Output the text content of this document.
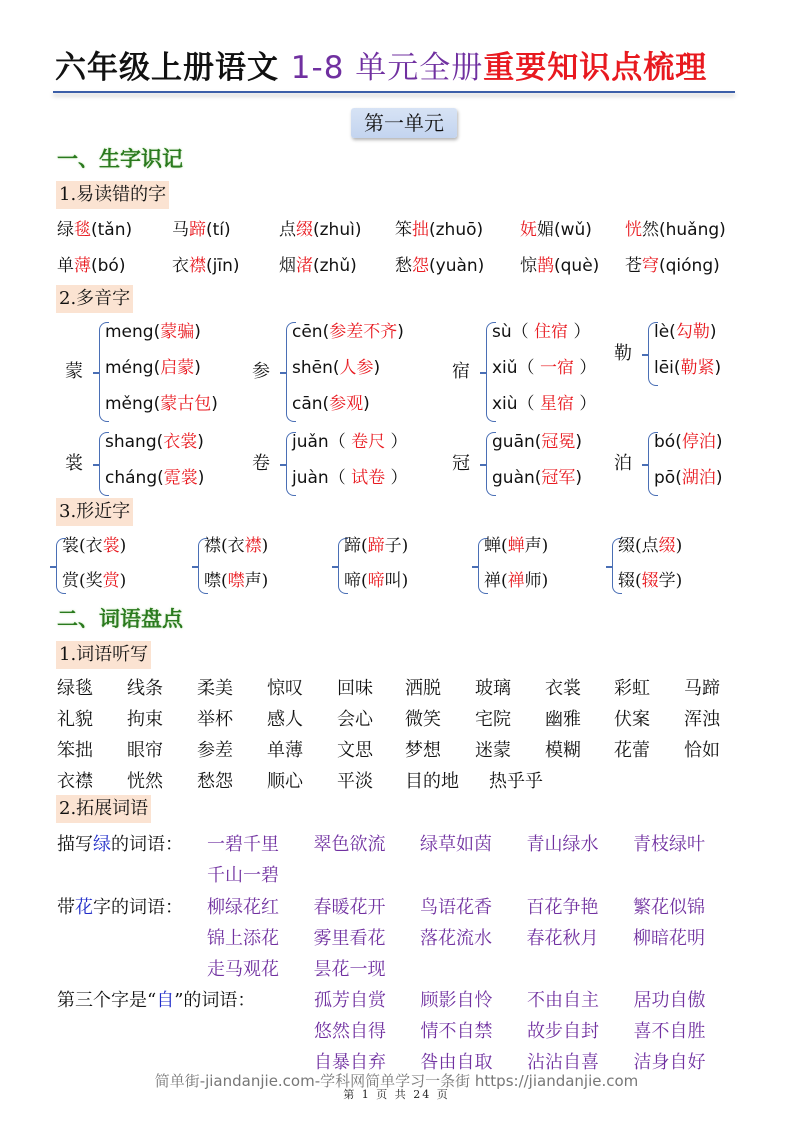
六年级上册语文 1-8 单元全册重要知识点梳理
第一单元
一、生字识记
1.易读错的字
绿毯(tǎn) 马蹄(tí)	点缀(zhuì) 笨拙(zhuō) 妩媚(wǔ) 恍然(huǎng)
单薄(bó)	衣襟(jīn) 烟渚(zhǔ) 愁怨(yuàn) 惊鹊(què) 苍穹(qióng)
2.多音字
蒙
meng(蒙骗)
méng(启蒙)
měng(蒙古包)
参
cēn(参差不齐)
shēn(人参)
cān(参观)
宿
sù（ 住宿 ）
xiǔ（ 一宿 ）
xiù（ 星宿 ）
勒
lè(勾勒)
lēi(勒紧)
裳
shang(衣裳)
cháng(霓裳)
卷
juǎn（ 卷尺 ）
juàn（ 试卷 ）
冠
guān(冠冕)
guàn(冠军)
泊
bó(停泊)
pō(湖泊)
3.形近字
裳(衣裳)
赏(奖赏)
襟(衣襟)
噤(噤声)
蹄(蹄子)
啼(啼叫)
蝉(蝉声)
禅(禅师)
缀(点缀)
辍(辍学)
二、词语盘点
1.词语听写
绿毯 线条 柔美 惊叹 回味 洒脱 玻璃 衣裳 彩虹 马蹄
礼貌 拘束 举杯 感人 会心 微笑 宅院 幽雅 伏案 浑浊
笨拙 眼帘 参差 单薄 文思 梦想 迷蒙 模糊 花蕾 恰如
衣襟 恍然 愁怨 顺心 平淡 目的地 热乎乎
2.拓展词语
描写绿的词语： 一碧千里 翠色欲流 绿草如茵 青山绿水 青枝绿叶
千山一碧
带花字的词语： 柳绿花红 春暖花开 鸟语花香 百花争艳 繁花似锦
锦上添花 雾里看花 落花流水 春花秋月 柳暗花明
走马观花 昙花一现
第三个字是“自”的词语：	孤芳自赏 顾影自怜 不由自主 居功自傲
悠然自得 情不自禁 故步自封 喜不自胜
自暴自弃 咎由自取 沾沾自喜 洁身自好
简单街-jiandanjie.com-学科网简单学习一条街 https://jiandanjie.com
第 1 页 共 24 页
